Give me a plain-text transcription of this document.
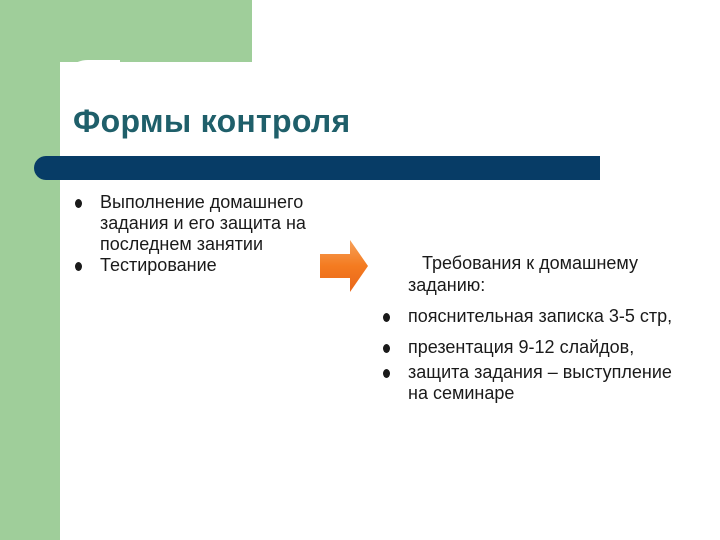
Формы контроля
Выполнение домашнего задания и его защита на последнем занятии
Тестирование	Требования к домашнему заданию:

пояснительная записка 3-5 стр,
презентация 9-12 слайдов,
защита задания – выступление на семинаре
